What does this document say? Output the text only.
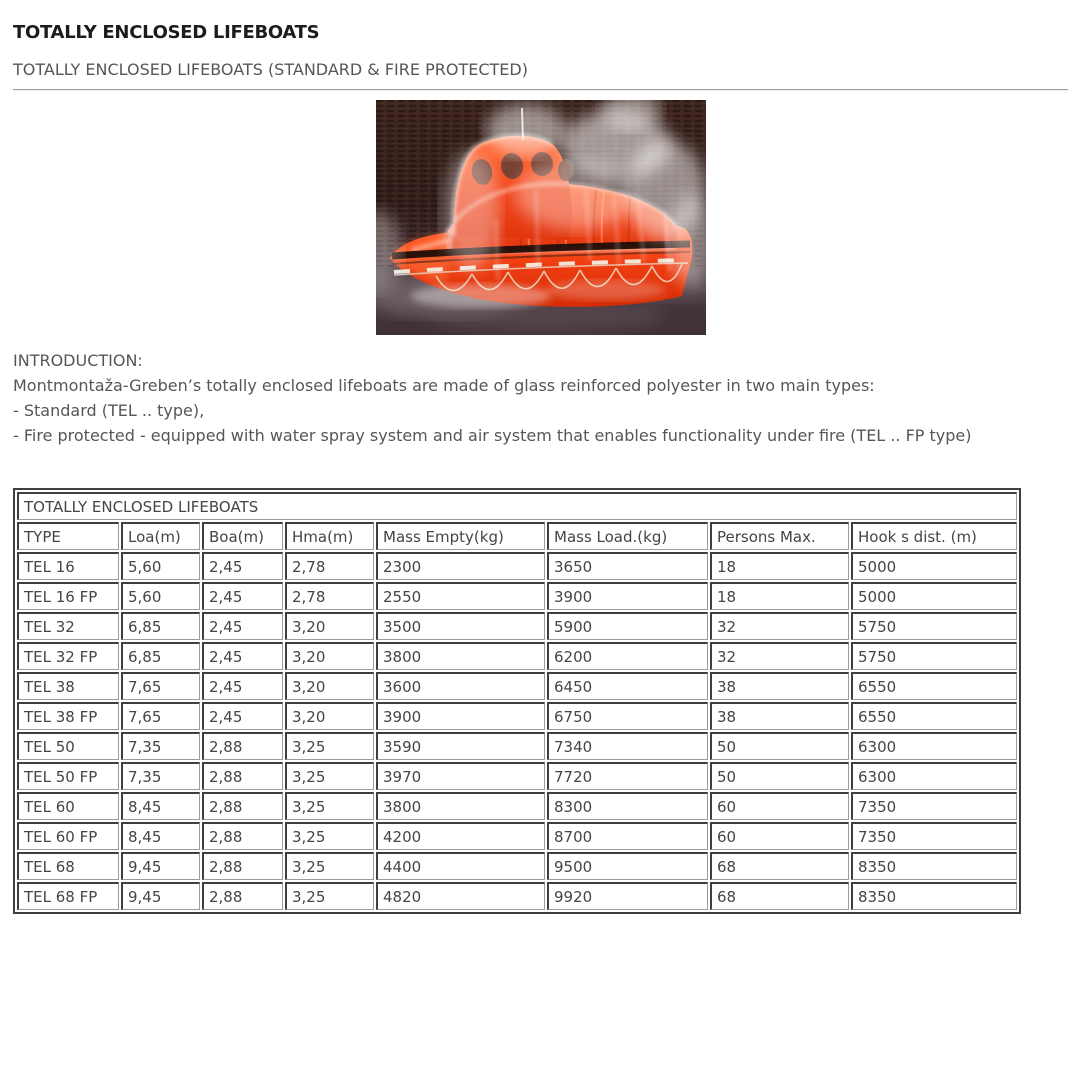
TOTALLY ENCLOSED LIFEBOATS
TOTALLY ENCLOSED LIFEBOATS (STANDARD & FIRE PROTECTED)
INTRODUCTION:
Montmontaža-Greben’s totally enclosed lifeboats are made of glass reinforced polyester in two main types:
- Standard (TEL .. type),
- Fire protected - equipped with water spray system and air system that enables functionality under fire (TEL .. FP type)
TOTALLY ENCLOSED LIFEBOATS							
TYPE	Loa(m)	Boa(m)	Hma(m)	Mass Empty(kg)	Mass Load.(kg)	Persons Max.	Hook s dist. (m)
TEL 16	5,60	2,45	2,78	2300	3650	18	5000
TEL 16 FP	5,60	2,45	2,78	2550	3900	18	5000
TEL 32	6,85	2,45	3,20	3500	5900	32	5750
TEL 32 FP	6,85	2,45	3,20	3800	6200	32	5750
TEL 38	7,65	2,45	3,20	3600	6450	38	6550
TEL 38 FP	7,65	2,45	3,20	3900	6750	38	6550
TEL 50	7,35	2,88	3,25	3590	7340	50	6300
TEL 50 FP	7,35	2,88	3,25	3970	7720	50	6300
TEL 60	8,45	2,88	3,25	3800	8300	60	7350
TEL 60 FP	8,45	2,88	3,25	4200	8700	60	7350
TEL 68	9,45	2,88	3,25	4400	9500	68	8350
TEL 68 FP	9,45	2,88	3,25	4820	9920	68	8350
